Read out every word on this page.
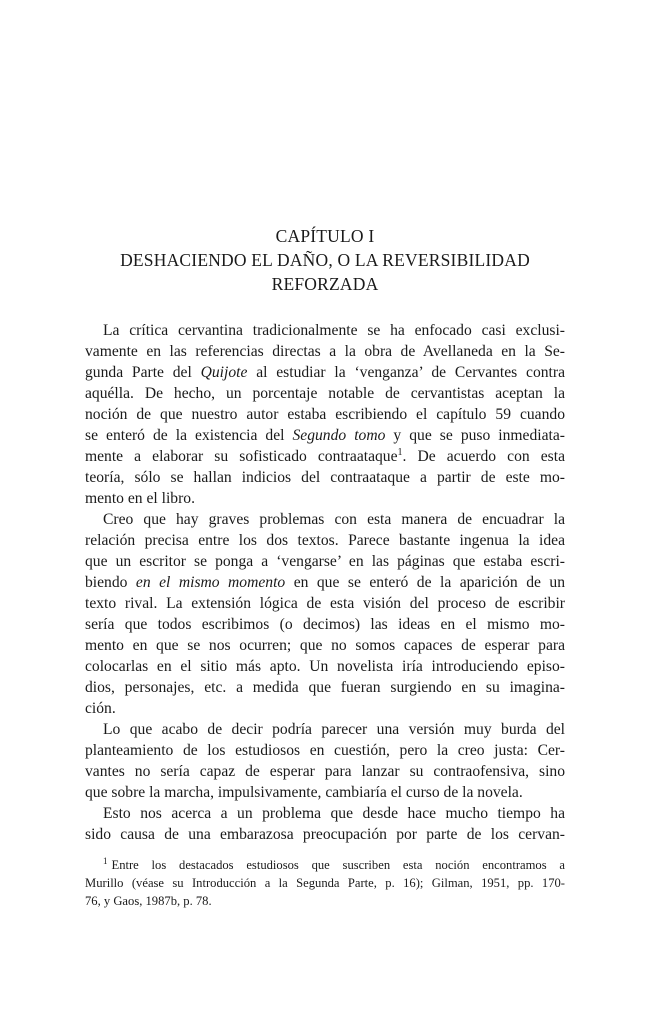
CAPÍTULO I
DESHACIENDO EL DAÑO, O LA REVERSIBILIDAD
REFORZADA
La crítica cervantina tradicionalmente se ha enfocado casi exclusi-
vamente en las referencias directas a la obra de Avellaneda en la Se-
gunda Parte del Quijote al estudiar la ‘venganza’ de Cervantes contra
aquélla. De hecho, un porcentaje notable de cervantistas aceptan la
noción de que nuestro autor estaba escribiendo el capítulo 59 cuando
se enteró de la existencia del Segundo tomo y que se puso inmediata-
mente a elaborar su sofisticado contraataque$^1$. De acuerdo con esta
teoría, sólo se hallan indicios del contraataque a partir de este mo-
mento en el libro.
Creo que hay graves problemas con esta manera de encuadrar la
relación precisa entre los dos textos. Parece bastante ingenua la idea
que un escritor se ponga a ‘vengarse’ en las páginas que estaba escri-
biendo en el mismo momento en que se enteró de la aparición de un
texto rival. La extensión lógica de esta visión del proceso de escribir
sería que todos escribimos (o decimos) las ideas en el mismo mo-
mento en que se nos ocurren; que no somos capaces de esperar para
colocarlas en el sitio más apto. Un novelista iría introduciendo episo-
dios, personajes, etc. a medida que fueran surgiendo en su imagina-
ción.
Lo que acabo de decir podría parecer una versión muy burda del
planteamiento de los estudiosos en cuestión, pero la creo justa: Cer-
vantes no sería capaz de esperar para lanzar su contraofensiva, sino
que sobre la marcha, impulsivamente, cambiaría el curso de la novela.
Esto nos acerca a un problema que desde hace mucho tiempo ha
sido causa de una embarazosa preocupación por parte de los cervan-
$^1$ Entre los destacados estudiosos que suscriben esta noción encontramos a
Murillo (véase su Introducción a la Segunda Parte, p. 16); Gilman, 1951, pp. 170-
76, y Gaos, 1987b, p. 78.
